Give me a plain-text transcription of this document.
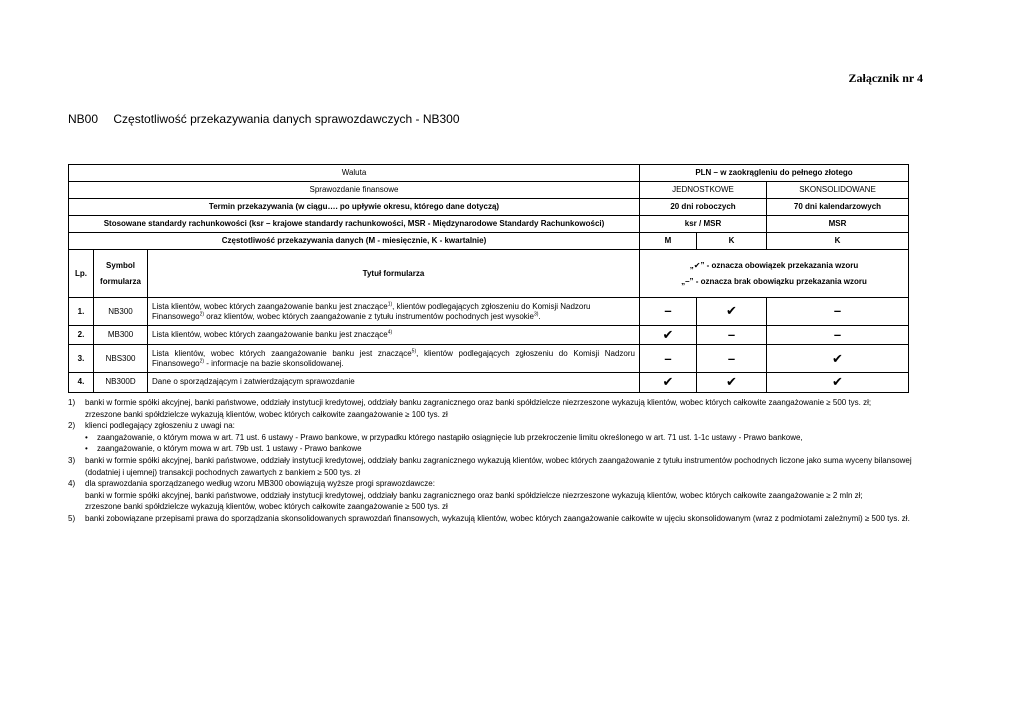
Załącznik nr 4
NB00 Częstotliwość przekazywania danych sprawozdawczych - NB300
Waluta			PLN – w zaokrągleniu do pełnego złotego		
Sprawozdanie finansowe			JEDNOSTKOWE		SKONSOLIDOWANE
Termin przekazywania (w ciągu…. po upływie okresu, którego dane dotyczą)			20 dni roboczych		70 dni kalendarzowych
Stosowane standardy rachunkowości (ksr – krajowe standardy rachunkowości, MSR - Międzynarodowe Standardy Rachunkowości)			ksr / MSR		MSR
Częstotliwość przekazywania danych (M - miesięcznie, K - kwartalnie)			M	K	K
Lp.	Symbol formularza	Tytuł formularza	„✔” - oznacza obowiązek przekazania wzoru
„–” - oznacza brak obowiązku przekazania wzoru		

1.	NB300	Lista klientów, wobec których zaangażowanie banku jest znaczące$^{1)}$, klientów podlegających zgłoszeniu do Komisji Nadzoru Finansowego$^{2)}$ oraz klientów, wobec których zaangażowanie z tytułu instrumentów pochodnych jest wysokie$^{3)}$.	–	✔	–
2.	MB300	Lista klientów, wobec których zaangażowanie banku jest znaczące$^{4)}$	✔	–	–
3.	NBS300	Lista klientów, wobec których zaangażowanie banku jest znaczące$^{5)}$, klientów podlegających zgłoszeniu do Komisji Nadzoru Finansowego$^{2)}$ - informacje na bazie skonsolidowanej.	–	–	✔
4.	NB300D	Dane o sporządzającym i zatwierdzającym sprawozdanie	✔	✔	✔
1)	banki w formie spółki akcyjnej, banki państwowe, oddziały instytucji kredytowej, oddziały banku zagranicznego oraz banki spółdzielcze niezrzeszone wykazują klientów, wobec których całkowite zaangażowanie ≥ 500 tys. zł;
zrzeszone banki spółdzielcze wykazują klientów, wobec których całkowite zaangażowanie ≥ 100 tys. zł
2)	klienci podlegający zgłoszeniu z uwagi na:
•	zaangażowanie, o którym mowa w art. 71 ust. 6 ustawy - Prawo bankowe, w przypadku którego nastąpiło osiągnięcie lub przekroczenie limitu określonego w art. 71 ust. 1-1c ustawy - Prawo bankowe,
•	zaangażowanie, o którym mowa w art. 79b ust. 1 ustawy - Prawo bankowe
3)	banki w formie spółki akcyjnej, banki państwowe, oddziały instytucji kredytowej, oddziały banku zagranicznego wykazują klientów, wobec których zaangażowanie z tytułu instrumentów pochodnych liczone jako suma wyceny bilansowej (dodatniej i ujemnej) transakcji pochodnych zawartych z bankiem ≥ 500 tys. zł
4)	dla sprawozdania sporządzanego według wzoru MB300 obowiązują wyższe progi sprawozdawcze:
banki w formie spółki akcyjnej, banki państwowe, oddziały instytucji kredytowej, oddziały banku zagranicznego oraz banki spółdzielcze niezrzeszone wykazują klientów, wobec których całkowite zaangażowanie ≥ 2 mln zł;
zrzeszone banki spółdzielcze wykazują klientów, wobec których całkowite zaangażowanie ≥ 500 tys. zł
5)	banki zobowiązane przepisami prawa do sporządzania skonsolidowanych sprawozdań finansowych, wykazują klientów, wobec których zaangażowanie całkowite w ujęciu skonsolidowanym (wraz z podmiotami zależnymi) ≥ 500 tys. zł.
